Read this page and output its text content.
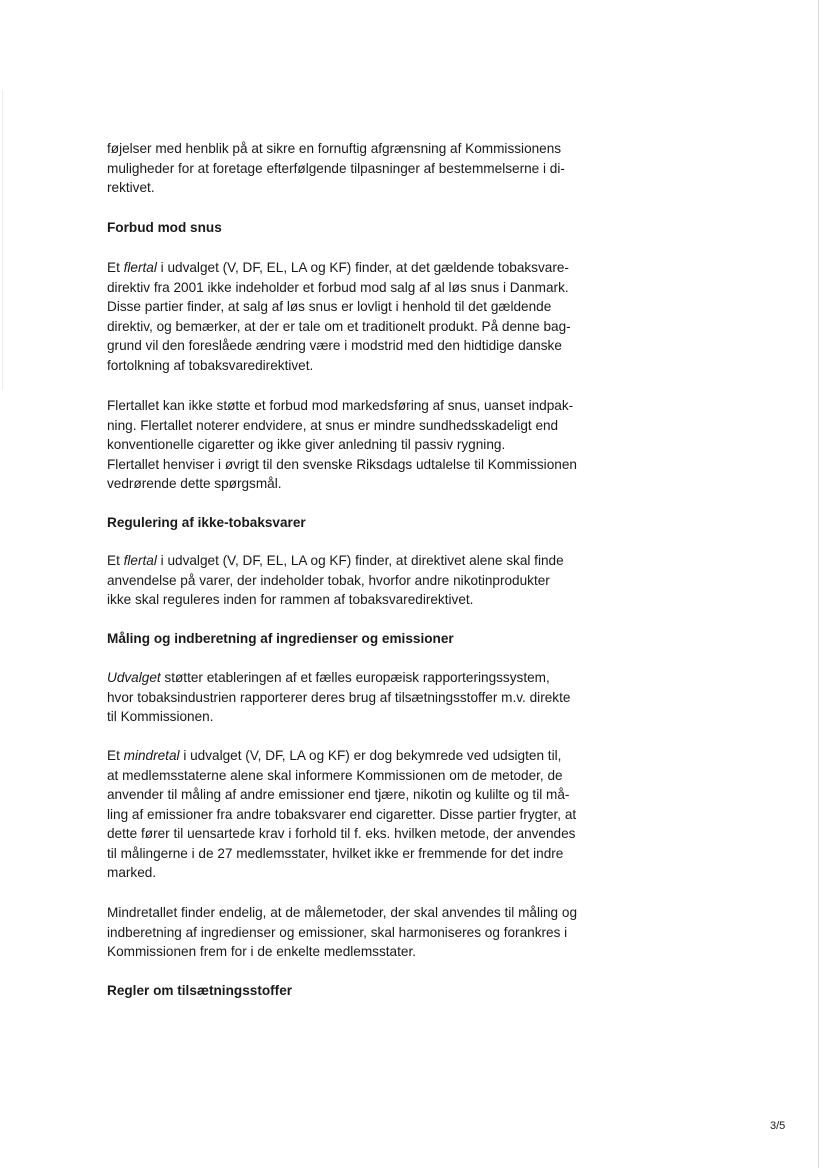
føjelser med henblik på at sikre en fornuftig afgrænsning af Kommissionens
muligheder for at foretage efterfølgende tilpasninger af bestemmelserne i di-
rektivet.

Forbud mod snus

Et flertal i udvalget (V, DF, EL, LA og KF) finder, at det gældende tobaksvare-
direktiv fra 2001 ikke indeholder et forbud mod salg af al løs snus i Danmark.
Disse partier finder, at salg af løs snus er lovligt i henhold til det gældende
direktiv, og bemærker, at der er tale om et traditionelt produkt. På denne bag-
grund vil den foreslåede ændring være i modstrid med den hidtidige danske
fortolkning af tobaksvaredirektivet.

Flertallet kan ikke støtte et forbud mod markedsføring af snus, uanset indpak-
ning. Flertallet noterer endvidere, at snus er mindre sundhedsskadeligt end
konventionelle cigaretter og ikke giver anledning til passiv rygning.
Flertallet henviser i øvrigt til den svenske Riksdags udtalelse til Kommissionen
vedrørende dette spørgsmål.

Regulering af ikke-tobaksvarer

Et flertal i udvalget (V, DF, EL, LA og KF) finder, at direktivet alene skal finde
anvendelse på varer, der indeholder tobak, hvorfor andre nikotinprodukter
ikke skal reguleres inden for rammen af tobaksvaredirektivet.

Måling og indberetning af ingredienser og emissioner

Udvalget støtter etableringen af et fælles europæisk rapporteringssystem,
hvor tobaksindustrien rapporterer deres brug af tilsætningsstoffer m.v. direkte
til Kommissionen.

Et mindretal i udvalget (V, DF, LA og KF) er dog bekymrede ved udsigten til,
at medlemsstaterne alene skal informere Kommissionen om de metoder, de
anvender til måling af andre emissioner end tjære, nikotin og kulilte og til må-
ling af emissioner fra andre tobaksvarer end cigaretter. Disse partier frygter, at
dette fører til uensartede krav i forhold til f. eks. hvilken metode, der anvendes
til målingerne i de 27 medlemsstater, hvilket ikke er fremmende for det indre
marked.

Mindretallet finder endelig, at de målemetoder, der skal anvendes til måling og
indberetning af ingredienser og emissioner, skal harmoniseres og forankres i
Kommissionen frem for i de enkelte medlemsstater.

Regler om tilsætningsstoffer
3/5
